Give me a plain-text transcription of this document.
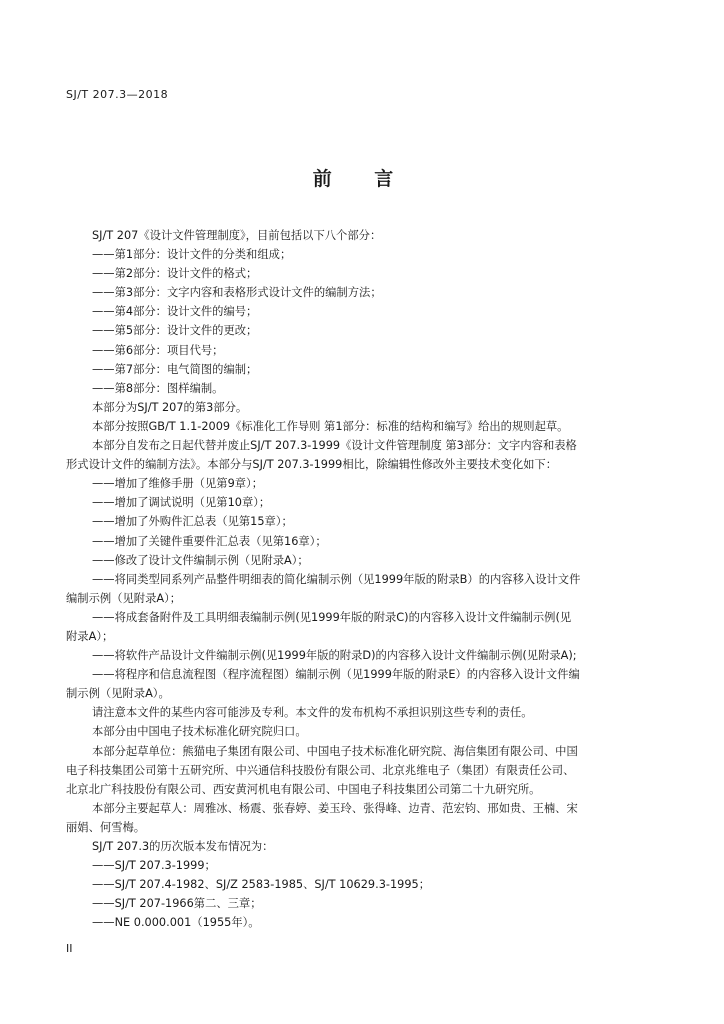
SJ/T 207.3—2018
前 言
SJ/T 207《设计文件管理制度》，目前包括以下八个部分：
——第1部分：设计文件的分类和组成；
——第2部分：设计文件的格式；
——第3部分：文字内容和表格形式设计文件的编制方法；
——第4部分：设计文件的编号；
——第5部分：设计文件的更改；
——第6部分：项目代号；
——第7部分：电气简图的编制；
——第8部分：图样编制。
本部分为SJ/T 207的第3部分。
本部分按照GB/T 1.1-2009《标准化工作导则 第1部分：标准的结构和编写》给出的规则起草。
本部分自发布之日起代替并废止SJ/T 207.3-1999《设计文件管理制度 第3部分：文字内容和表格
形式设计文件的编制方法》。本部分与SJ/T 207.3-1999相比，除编辑性修改外主要技术变化如下：
——增加了维修手册（见第9章）；
——增加了调试说明（见第10章）；
——增加了外购件汇总表（见第15章）；
——增加了关键件重要件汇总表（见第16章）；
——修改了设计文件编制示例（见附录A）；
——将同类型同系列产品整件明细表的简化编制示例（见1999年版的附录B）的内容移入设计文件
编制示例（见附录A）；
——将成套备附件及工具明细表编制示例(见1999年版的附录C)的内容移入设计文件编制示例(见
附录A）；
——将软件产品设计文件编制示例(见1999年版的附录D)的内容移入设计文件编制示例(见附录A);
——将程序和信息流程图（程序流程图）编制示例（见1999年版的附录E）的内容移入设计文件编
制示例（见附录A）。
请注意本文件的某些内容可能涉及专利。本文件的发布机构不承担识别这些专利的责任。
本部分由中国电子技术标准化研究院归口。
本部分起草单位：熊猫电子集团有限公司、中国电子技术标准化研究院、海信集团有限公司、中国
电子科技集团公司第十五研究所、中兴通信科技股份有限公司、北京兆维电子（集团）有限责任公司、
北京北广科技股份有限公司、西安黄河机电有限公司、中国电子科技集团公司第二十九研究所。
本部分主要起草人：周雅冰、杨震、张春婷、姜玉玲、张得峰、边青、范宏钧、邢如贵、王楠、宋
丽娟、何雪梅。
SJ/T 207.3的历次版本发布情况为：
——SJ/T 207.3-1999；
——SJ/T 207.4-1982、SJ/Z 2583-1985、SJ/T 10629.3-1995；
——SJ/T 207-1966第二、三章；
——NE 0.000.001（1955年）。
II
